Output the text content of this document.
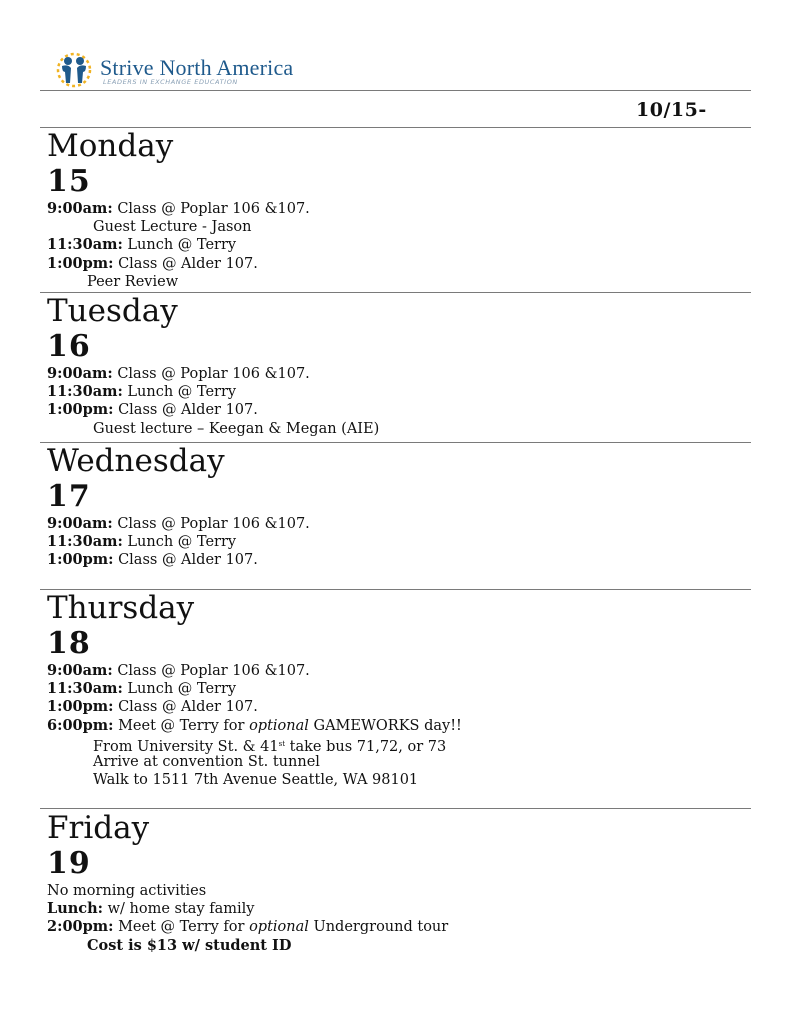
Strive North America
LEADERS IN EXCHANGE EDUCATION
10/15-
Monday
15
9:00am: Class @ Poplar 106 &107.
Guest Lecture - Jason
11:30am: Lunch @ Terry
1:00pm: Class @ Alder 107.
Peer Review
Tuesday
16
9:00am: Class @ Poplar 106 &107.
11:30am: Lunch @ Terry
1:00pm: Class @ Alder 107.
Guest lecture – Keegan & Megan (AIE)
Wednesday
17
9:00am: Class @ Poplar 106 &107.
11:30am: Lunch @ Terry
1:00pm: Class @ Alder 107.
Thursday
18
9:00am: Class @ Poplar 106 &107.
11:30am: Lunch @ Terry
1:00pm: Class @ Alder 107.
6:00pm: Meet @ Terry for optional GAMEWORKS day!!
From University St. & 41st take bus 71,72, or 73
Arrive at convention St. tunnel
Walk to 1511 7th Avenue Seattle, WA 98101
Friday
19
No morning activities
Lunch: w/ home stay family
2:00pm: Meet @ Terry for optional Underground tour
Cost is $13 w/ student ID
